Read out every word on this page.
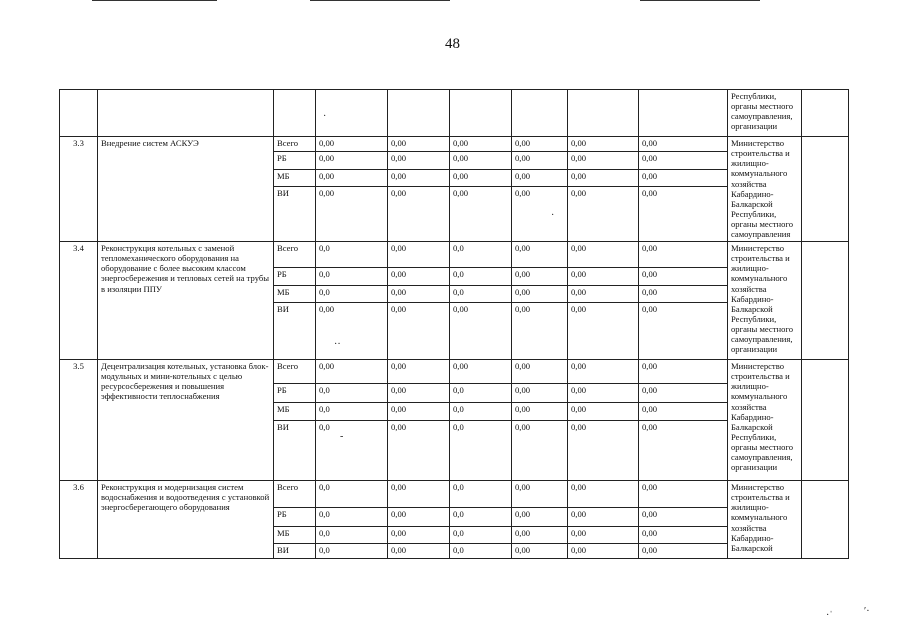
48
									Республики, органы местного самоуправления, организации	
3.3	Внедрение систем АСКУЭ	Всего	0,00	0,00	0,00	0,00	0,00	0,00	Министерство строительства и жилищно-коммунального хозяйства Кабардино-Балкарской Республики, органы местного самоуправления	
		РБ	0,00	0,00	0,00	0,00	0,00	0,00		
		МБ	0,00	0,00	0,00	0,00	0,00	0,00		
		ВИ	0,00	0,00	0,00	0,00	0,00	0,00		
3.4	Реконструкция котельных с заменой тепломеханического оборудования на оборудование с более высоким классом энергосбережения и тепловых сетей на трубы в изоляции ППУ	Всего	0,0	0,00	0,0	0,00	0,00	0,00	Министерство строительства и жилищно-коммунального хозяйства Кабардино-Балкарской Республики, органы местного самоуправления, организации	
		РБ	0,0	0,00	0,0	0,00	0,00	0,00		
		МБ	0,0	0,00	0,0	0,00	0,00	0,00		
		ВИ	0,00	0,00	0,00	0,00	0,00	0,00		
3.5	Децентрализация котельных, установка блок-модульных и мини-котельных с целью ресурсосбережения и повышения эффективности теплоснабжения	Всего	0,00	0,00	0,00	0,00	0,00	0,00	Министерство строительства и жилищно-коммунального хозяйства Кабардино-Балкарской Республики, органы местного самоуправления, организации	
		РБ	0,0	0,00	0,0	0,00	0,00	0,00		
		МБ	0,0	0,00	0,0	0,00	0,00	0,00		
		ВИ	0,0	0,00	0,0	0,00	0,00	0,00		
3.6	Реконструкция и модернизация систем водоснабжения и водоотведения с установкой энергосберегающего оборудования	Всего	0,0	0,00	0,0	0,00	0,00	0,00	Министерство строительства и жилищно-коммунального хозяйства Кабардино-Балкарской	
		РБ	0,0	0,00	0,0	0,00	0,00	0,00		
		МБ	0,0	0,00	0,0	0,00	0,00	0,00		
		ВИ	0,0	0,00	0,0	0,00	0,00	0,00		
·
··
-
·
·ˈ	ʹ·
